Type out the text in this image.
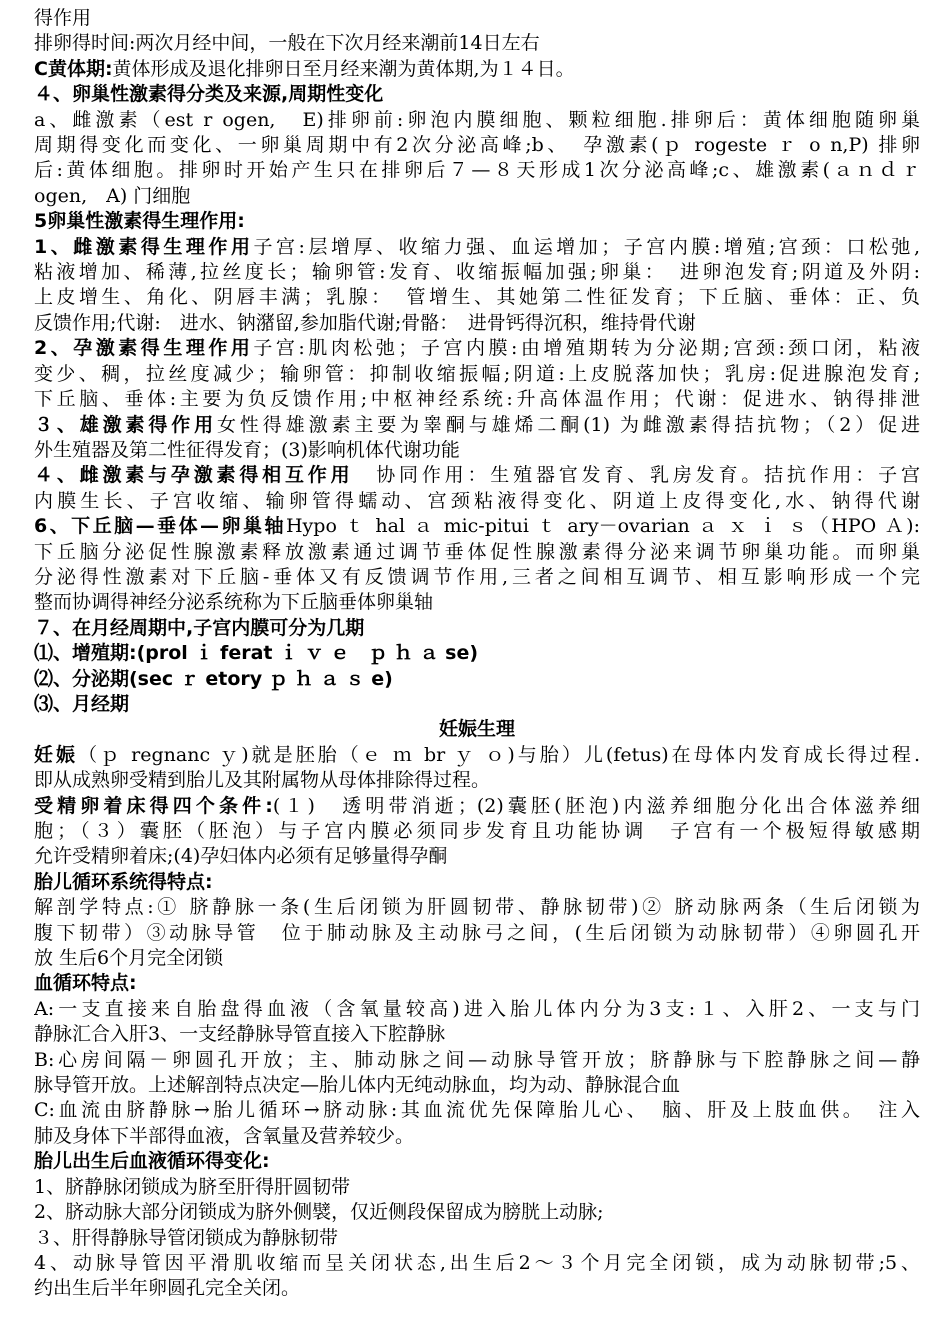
得作用
排卵得时间:两次月经中间，一般在下次月经来潮前14日左右
C黄体期:黄体形成及退化排卵日至月经来潮为黄体期,为１４日。
４、卵巢性激素得分类及来源,周期性变化
a、雌激素（est r ogen,　E)排卵前:卵泡内膜细胞、颗粒细胞.排卵后：黄体细胞随卵巢
周期得变化而变化、一卵巢周期中有2次分泌高峰;b、　孕激素(ｐ rogeste ｒ o n,P) 排卵
后:黄体细胞。排卵时开始产生只在排卵后７—８天形成1次分泌高峰;c、雄激素(ａｎｄｒ
ogen,　A) 门细胞
5卵巢性激素得生理作用:
1、雌激素得生理作用子宫:层增厚、收缩力强、血运增加；子宫内膜:增殖;宫颈：口松弛,
粘液增加、稀薄,拉丝度长；输卵管:发育、收缩振幅加强;卵巢：　进卵泡发育;阴道及外阴:
上皮增生、角化、阴唇丰满；乳腺：　管增生、其她第二性征发育；下丘脑、垂体：正、负
反馈作用;代谢:　进水、钠潴留,参加脂代谢;骨骼：　进骨钙得沉积，维持骨代谢
2、孕激素得生理作用子宫:肌肉松弛；子宫内膜:由增殖期转为分泌期;宫颈:颈口闭，粘液
变少、稠，拉丝度减少；输卵管：抑制收缩振幅;阴道:上皮脱落加快；乳房:促进腺泡发育;
下丘脑、垂体:主要为负反馈作用;中枢神经系统:升高体温作用；代谢：促进水、钠得排泄
３、雄激素得作用女性得雄激素主要为睾酮与雄烯二酮(1) 为雌激素得拮抗物；（2）促进
外生殖器及第二性征得发育；(3)影响机体代谢功能
４、雌激素与孕激素得相互作用　协同作用：生殖器官发育、乳房发育。拮抗作用：子宫
内膜生长、子宫收缩、输卵管得蠕动、宫颈粘液得变化、阴道上皮得变化,水、钠得代谢
6、下丘脑—垂体—卵巢轴Hypo ｔ hal ａ mic-pitui ｔ ary－ovarian ａ ｘ ｉ ｓ（HPO Ａ):
下丘脑分泌促性腺激素释放激素通过调节垂体促性腺激素得分泌来调节卵巢功能。而卵巢
分泌得性激素对下丘脑-垂体又有反馈调节作用,三者之间相互调节、相互影响形成一个完
整而协调得神经分泌系统称为下丘脑垂体卵巢轴
７、在月经周期中,子宫内膜可分为几期
⑴、增殖期:(prol ｉ ferat ｉ ｖ ｅ　ｐ ｈ ａ se)
⑵、分泌期(sec ｒ etory ｐ ｈ ａ ｓ e)
⑶、月经期
妊娠生理
妊娠（ｐ regnanc ｙ)就是胚胎（ｅ ｍ br ｙ ｏ)与胎）儿(fetus)在母体内发育成长得过程.
即从成熟卵受精到胎儿及其附属物从母体排除得过程。
受精卵着床得四个条件:(１)　透明带消逝；(2)囊胚(胚泡)内滋养细胞分化出合体滋养细
胞；（３）囊胚（胚泡）与子宫内膜必须同步发育且功能协调　子宫有一个极短得敏感期
允许受精卵着床;(4)孕妇体内必须有足够量得孕酮
胎儿循环系统得特点:
解剖学特点:① 脐静脉一条(生后闭锁为肝圆韧带、静脉韧带)② 脐动脉两条（生后闭锁为
腹下韧带）③动脉导管　位于肺动脉及主动脉弓之间，(生后闭锁为动脉韧带）④卵圆孔开
放 生后6个月完全闭锁
血循环特点:
A:一支直接来自胎盘得血液（含氧量较高)进入胎儿体内分为3支:１、入肝2、一支与门
静脉汇合入肝3、一支经静脉导管直接入下腔静脉
B:心房间隔－卵圆孔开放；主、肺动脉之间—动脉导管开放；脐静脉与下腔静脉之间—静
脉导管开放。上述解剖特点决定—胎儿体内无纯动脉血，均为动、静脉混合血
C:血流由脐静脉→胎儿循环→脐动脉:其血流优先保障胎儿心、　脑、肝及上肢血供。　注入
肺及身体下半部得血液，含氧量及营养较少。
胎儿出生后血液循环得变化:
1、脐静脉闭锁成为脐至肝得肝圆韧带
2、脐动脉大部分闭锁成为脐外侧襞，仅近侧段保留成为膀胱上动脉;
３、肝得静脉导管闭锁成为静脉韧带
4、动脉导管因平滑肌收缩而呈关闭状态,出生后2～３个月完全闭锁，成为动脉韧带;5、
约出生后半年卵圆孔完全关闭。
